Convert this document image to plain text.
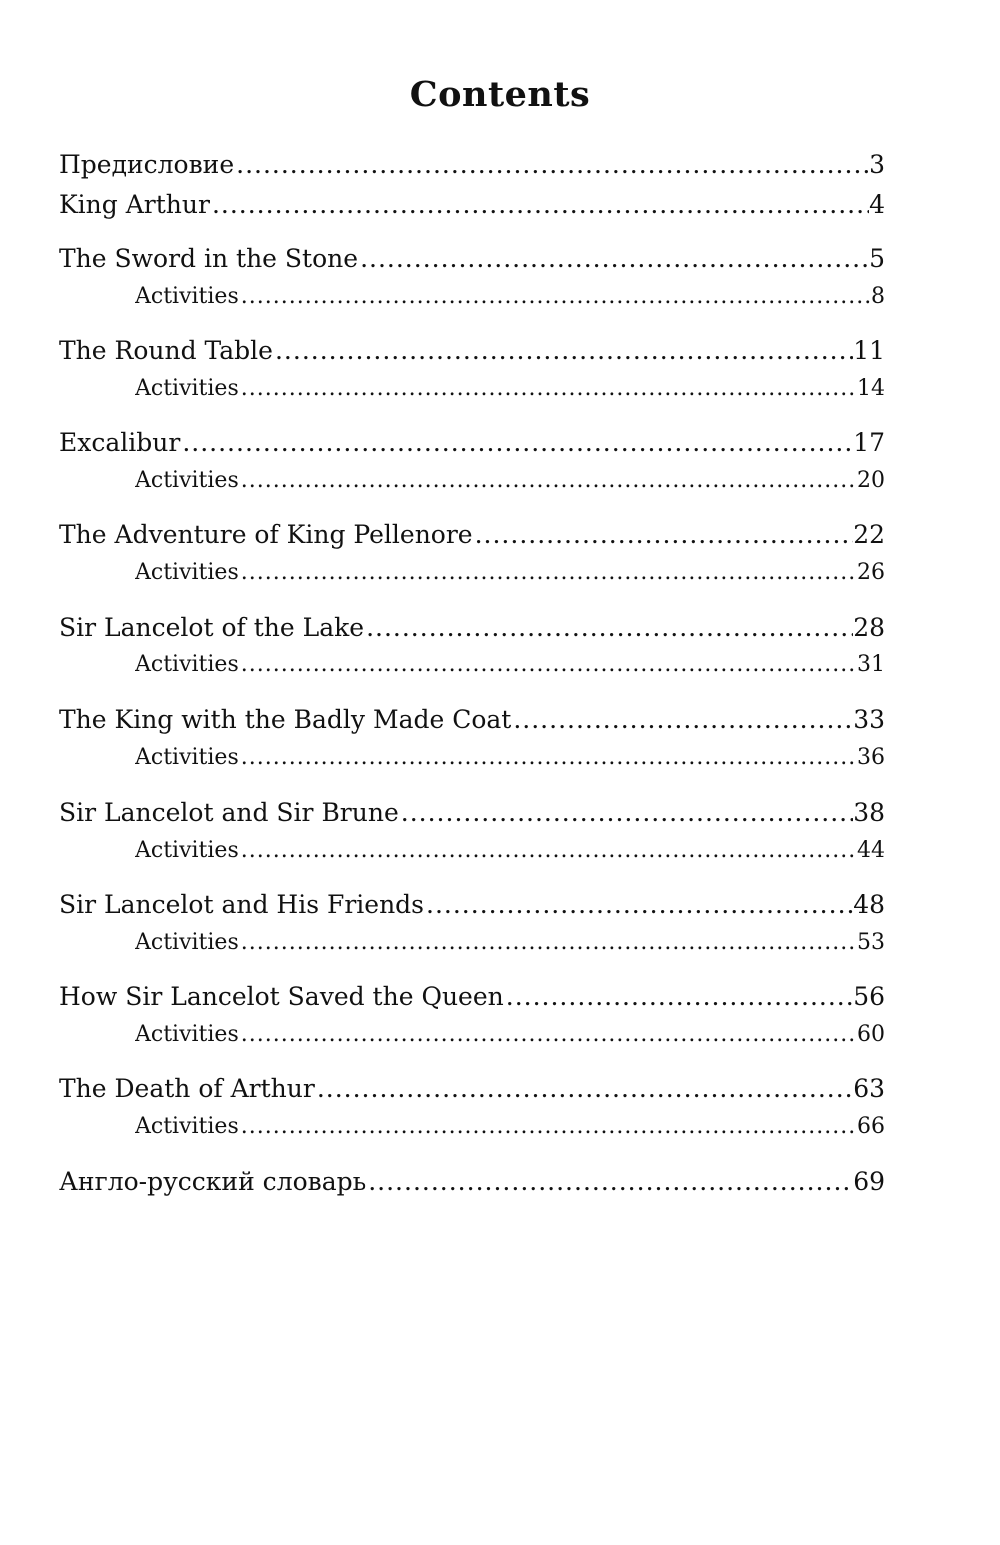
Contents
Предисловие .....	3
King Arthur .....	4
The Sword in the Stone .....	5
Activities .....	8
The Round Table .....	11
Activities .....	14
Excalibur .....	17
Activities .....	20
The Adventure of King Pellenore .....	22
Activities .....	26
Sir Lancelot of the Lake .....	28
Activities .....	31
The King with the Badly Made Coat .....	33
Activities .....	36
Sir Lancelot and Sir Brune .....	38
Activities .....	44
Sir Lancelot and His Friends .....	48
Activities .....	53
How Sir Lancelot Saved the Queen .....	56
Activities .....	60
The Death of Arthur .....	63
Activities .....	66
Англо-русский словарь .....	69
